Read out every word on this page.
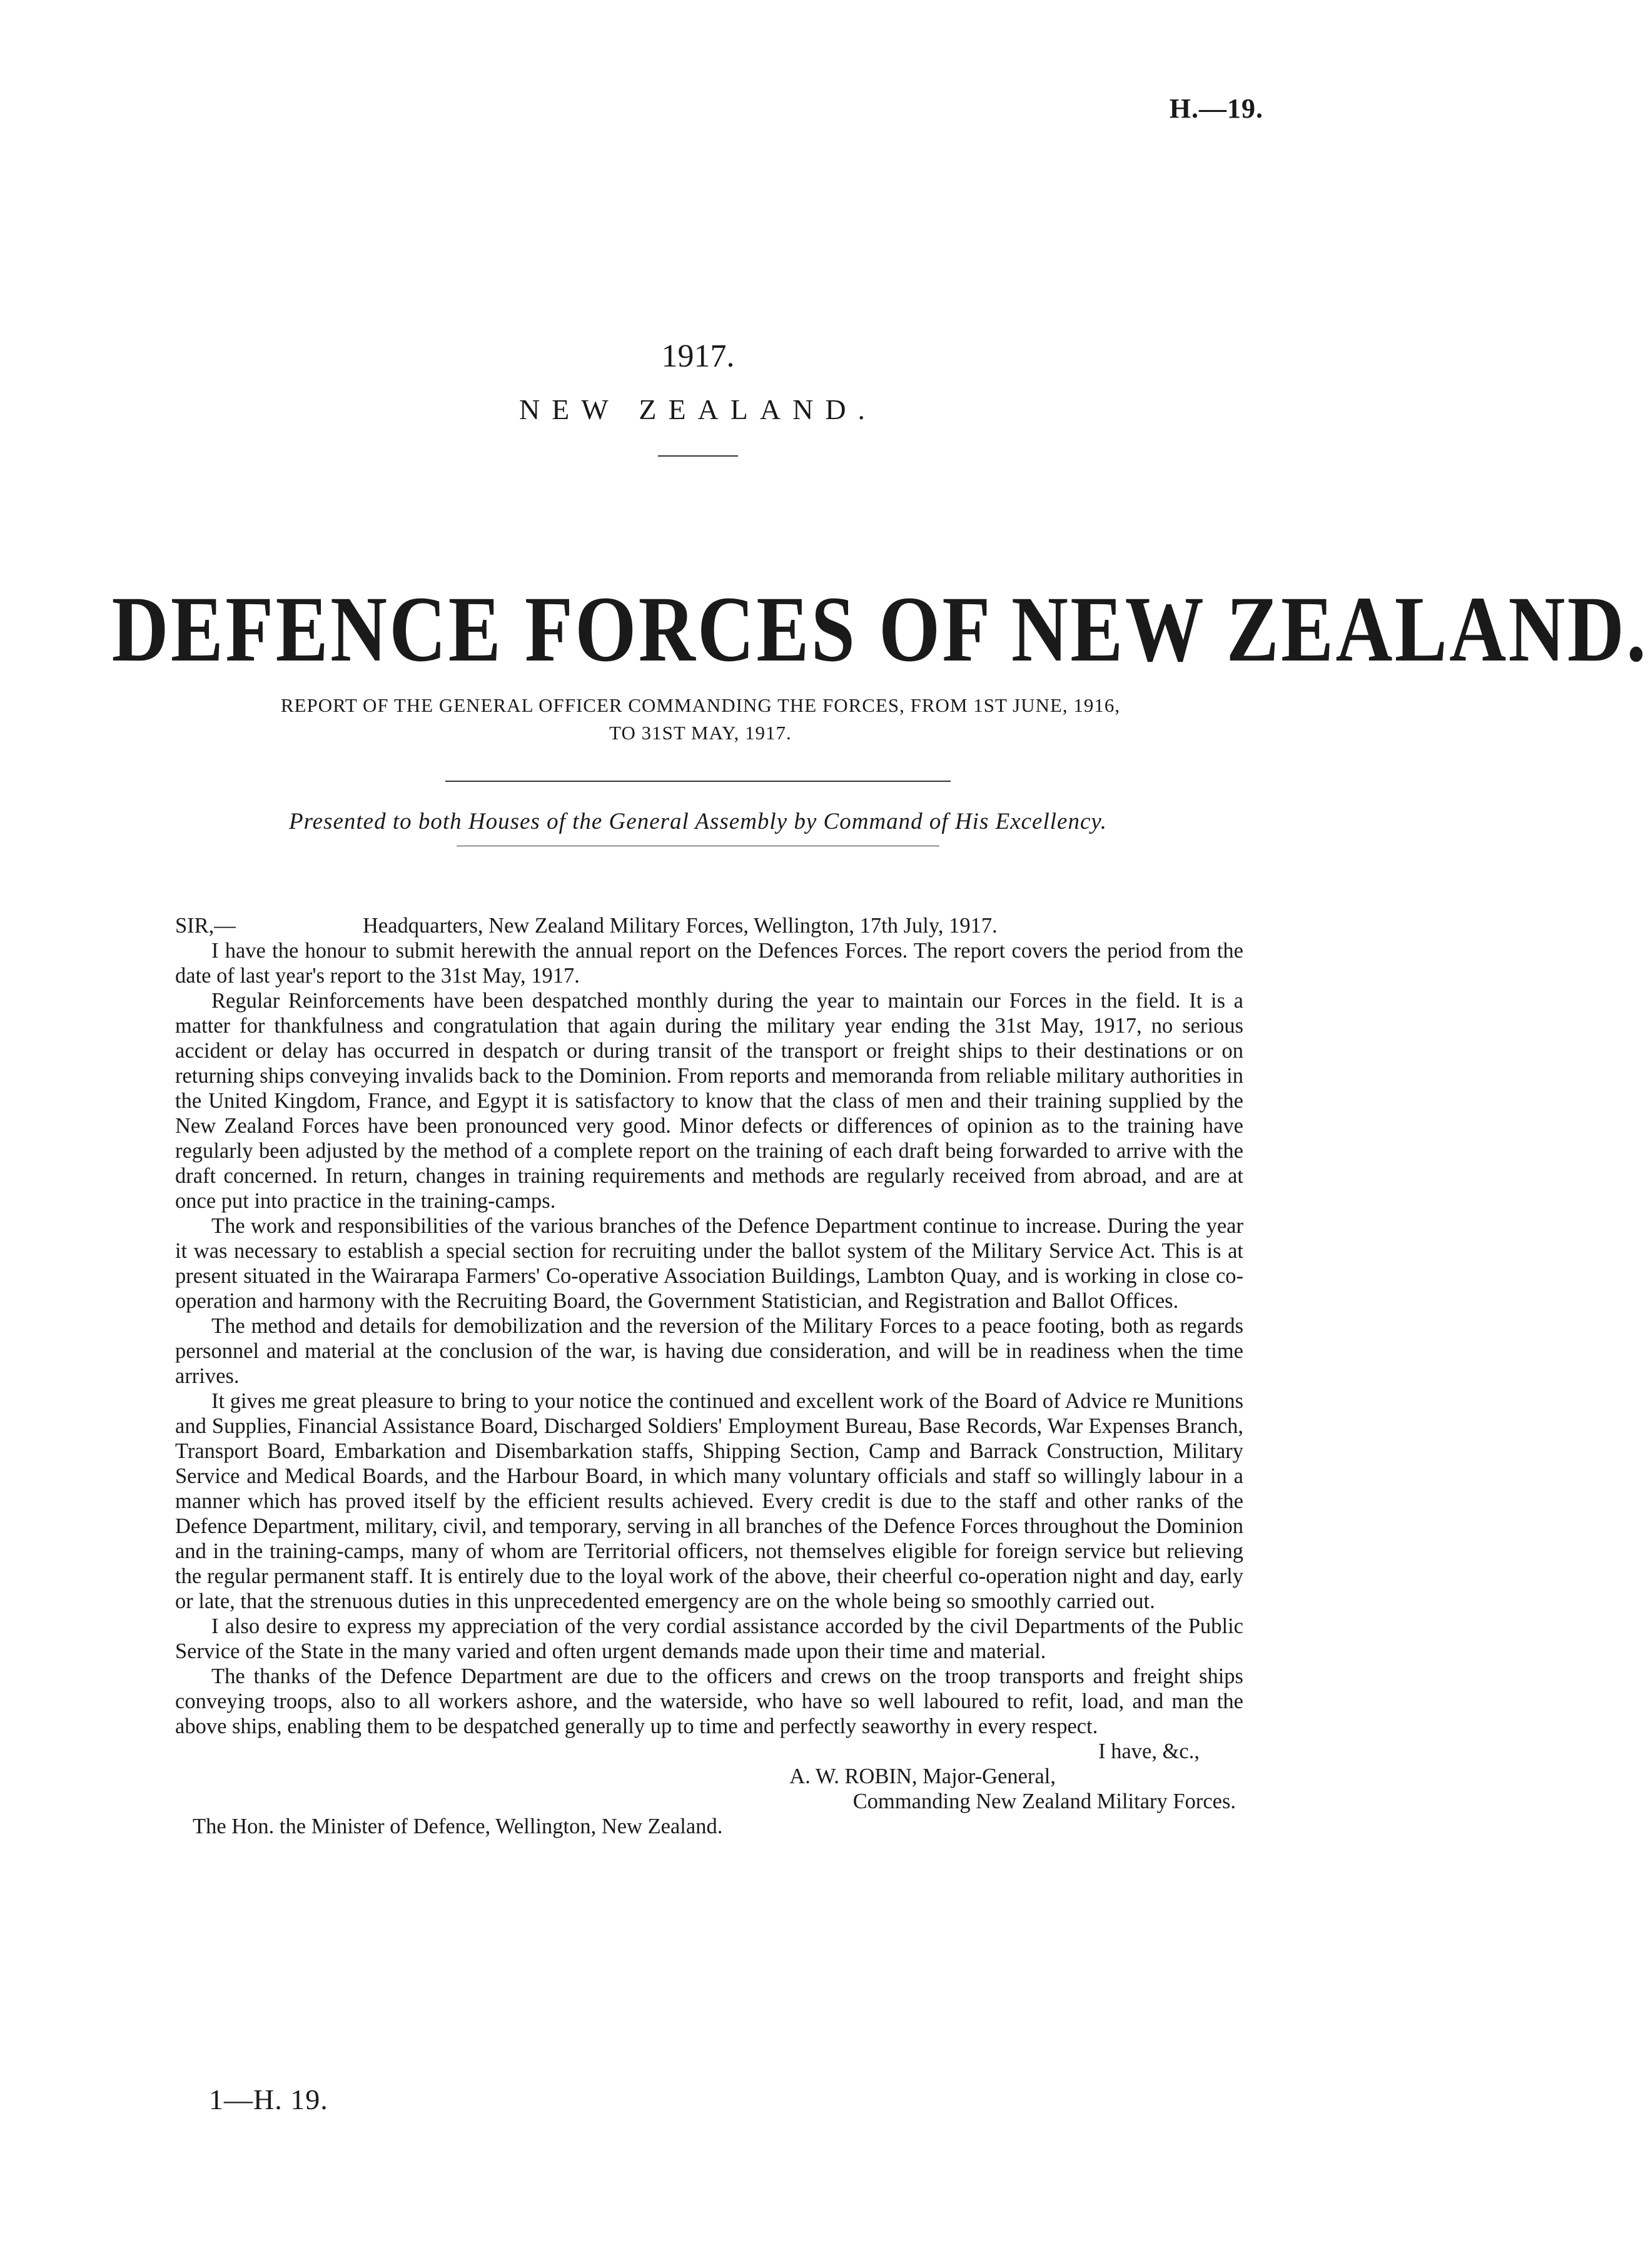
H.—19.
1917.
NEW ZEALAND.
DEFENCE FORCES OF NEW ZEALAND.
REPORT OF THE GENERAL OFFICER COMMANDING THE FORCES, FROM 1ST JUNE, 1916,
TO 31ST MAY, 1917.
Presented to both Houses of the General Assembly by Command of His Excellency.
SIR,—	Headquarters, New Zealand Military Forces, Wellington, 17th July, 1917.

I have the honour to submit herewith the annual report on the Defences Forces. The report covers the period from the date of last year's report to the 31st May, 1917.

Regular Reinforcements have been despatched monthly during the year to maintain our Forces in the field. It is a matter for thankfulness and congratulation that again during the military year ending the 31st May, 1917, no serious accident or delay has occurred in despatch or during transit of the transport or freight ships to their destinations or on returning ships conveying invalids back to the Dominion. From reports and memoranda from reliable military authorities in the United Kingdom, France, and Egypt it is satisfactory to know that the class of men and their training supplied by the New Zealand Forces have been pronounced very good. Minor defects or differences of opinion as to the training have regularly been adjusted by the method of a complete report on the training of each draft being forwarded to arrive with the draft concerned. In return, changes in training requirements and methods are regularly received from abroad, and are at once put into practice in the training-camps.

The work and responsibilities of the various branches of the Defence Department continue to increase. During the year it was necessary to establish a special section for recruiting under the ballot system of the Military Service Act. This is at present situated in the Wairarapa Farmers' Co-operative Association Buildings, Lambton Quay, and is working in close co-operation and harmony with the Recruiting Board, the Government Statistician, and Registration and Ballot Offices.

The method and details for demobilization and the reversion of the Military Forces to a peace footing, both as regards personnel and material at the conclusion of the war, is having due consideration, and will be in readiness when the time arrives.

It gives me great pleasure to bring to your notice the continued and excellent work of the Board of Advice re Munitions and Supplies, Financial Assistance Board, Discharged Soldiers' Employment Bureau, Base Records, War Expenses Branch, Transport Board, Embarkation and Disembarkation staffs, Shipping Section, Camp and Barrack Construction, Military Service and Medical Boards, and the Harbour Board, in which many voluntary officials and staff so willingly labour in a manner which has proved itself by the efficient results achieved. Every credit is due to the staff and other ranks of the Defence Department, military, civil, and temporary, serving in all branches of the Defence Forces throughout the Dominion and in the training-camps, many of whom are Territorial officers, not themselves eligible for foreign service but relieving the regular permanent staff. It is entirely due to the loyal work of the above, their cheerful co-operation night and day, early or late, that the strenuous duties in this unprecedented emergency are on the whole being so smoothly carried out.

I also desire to express my appreciation of the very cordial assistance accorded by the civil Departments of the Public Service of the State in the many varied and often urgent demands made upon their time and material.

The thanks of the Defence Department are due to the officers and crews on the troop transports and freight ships conveying troops, also to all workers ashore, and the waterside, who have so well laboured to refit, load, and man the above ships, enabling them to be despatched generally up to time and perfectly seaworthy in every respect.

I have, &c.,
A. W. ROBIN, Major-General,
Commanding New Zealand Military Forces.
The Hon. the Minister of Defence, Wellington, New Zealand.
1—H. 19.
